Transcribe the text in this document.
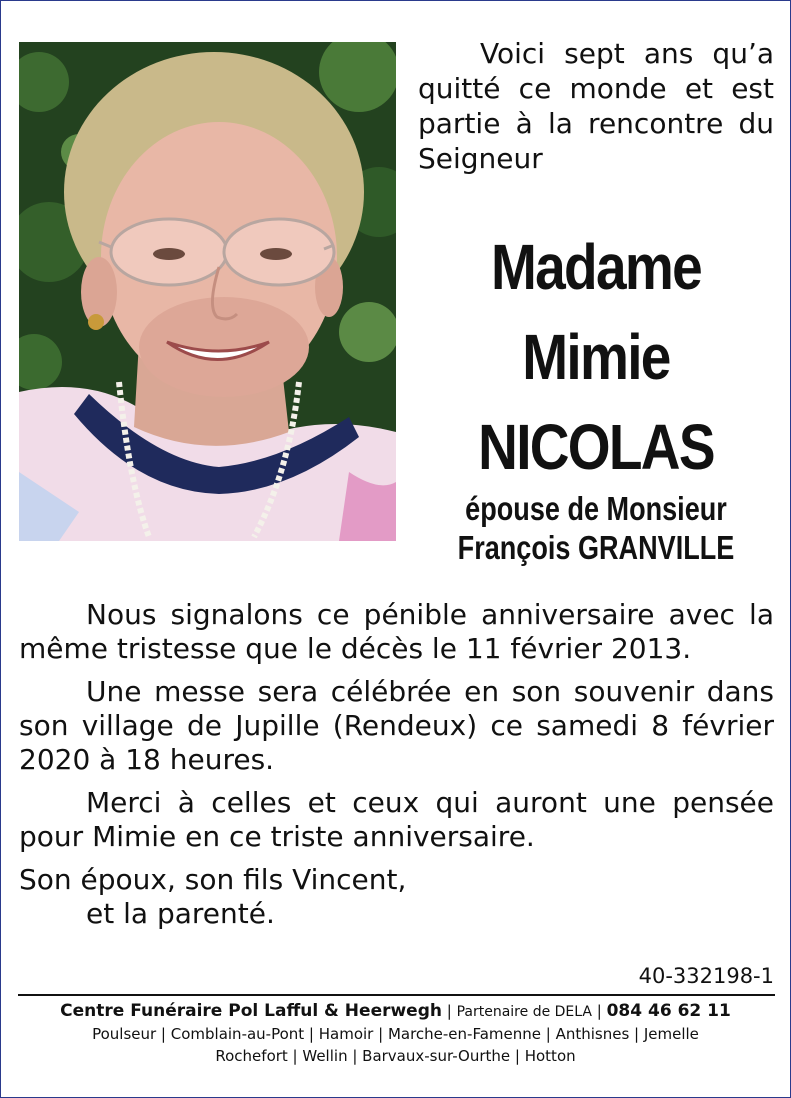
Voici sept ans qu’a quitté ce monde et est partie à la rencontre du Seigneur
Madame
Mimie
NICOLAS
épouse de Monsieur
François GRANVILLE

Nous signalons ce pénible anniversaire avec la même tristesse que le décès le 11 février 2013.

Une messe sera célébrée en son souvenir dans son village de Jupille (Rendeux) ce samedi 8 février 2020 à 18 heures.

Merci à celles et ceux qui auront une pensée pour Mimie en ce triste anniversaire.

Son époux, son fils Vincent,
et la parenté.
40-332198-1
Centre Funéraire Pol Lafful & Heerwegh | Partenaire de DELA | 084 46 62 11
Poulseur | Comblain-au-Pont | Hamoir | Marche-en-Famenne | Anthisnes | Jemelle
Rochefort | Wellin | Barvaux-sur-Ourthe | Hotton
